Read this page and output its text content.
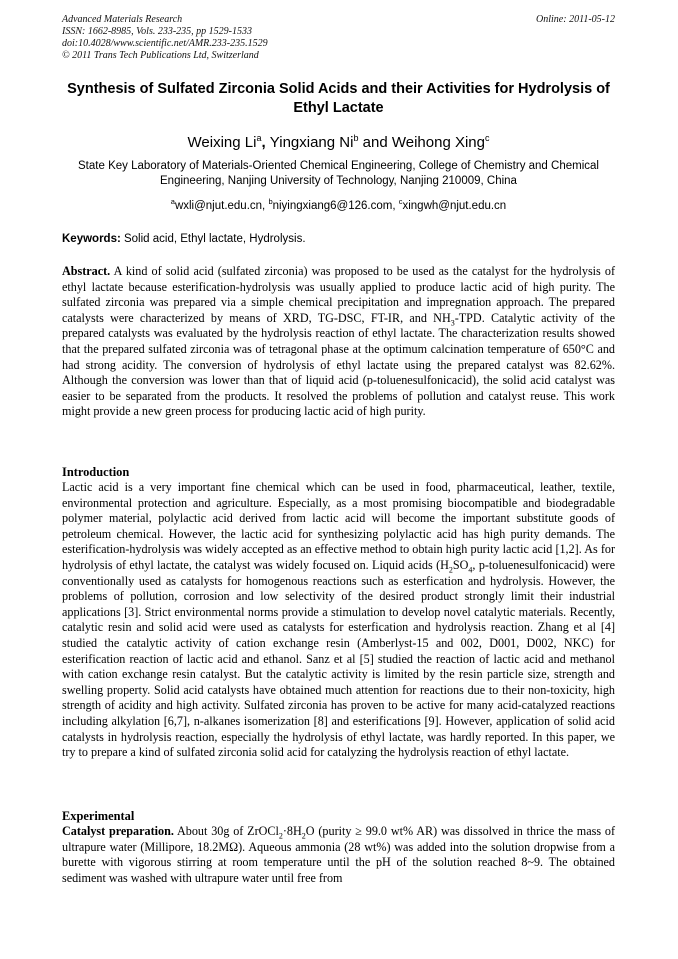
Advanced Materials Research
ISSN: 1662-8985, Vols. 233-235, pp 1529-1533
doi:10.4028/www.scientific.net/AMR.233-235.1529
© 2011 Trans Tech Publications Ltd, Switzerland
Online: 2011-05-12
Synthesis of Sulfated Zirconia Solid Acids and their Activities for Hydrolysis of Ethyl Lactate
Weixing Li$^a$, Yingxiang Ni$^b$ and Weihong Xing$^c$
State Key Laboratory of Materials-Oriented Chemical Engineering, College of Chemistry and Chemical Engineering, Nanjing University of Technology, Nanjing 210009, China
$^a$wxli@njut.edu.cn, $^b$niyingxiang6@126.com, $^c$xingwh@njut.edu.cn
Keywords: Solid acid, Ethyl lactate, Hydrolysis.
Abstract. A kind of solid acid (sulfated zirconia) was proposed to be used as the catalyst for the hydrolysis of ethyl lactate because esterification-hydrolysis was usually applied to produce lactic acid of high purity. The sulfated zirconia was prepared via a simple chemical precipitation and impregnation approach. The prepared catalysts were characterized by means of XRD, TG-DSC, FT-IR, and $NH_3$-TPD. Catalytic activity of the prepared catalysts was evaluated by the hydrolysis reaction of ethyl lactate. The characterization results showed that the prepared sulfated zirconia was of tetragonal phase at the optimum calcination temperature of 650°C and had strong acidity. The conversion of hydrolysis of ethyl lactate using the prepared catalyst was 82.62%. Although the conversion was lower than that of liquid acid (p-toluenesulfonicacid), the solid acid catalyst was easier to be separated from the products. It resolved the problems of pollution and catalyst reuse. This work might provide a new green process for producing lactic acid of high purity.
Introduction
Lactic acid is a very important fine chemical which can be used in food, pharmaceutical, leather, textile, environmental protection and agriculture. Especially, as a most promising biocompatible and biodegradable polymer material, polylactic acid derived from lactic acid will become the important substitute goods of petroleum chemical. However, the lactic acid for synthesizing polylactic acid has high purity demands. The esterification-hydrolysis was widely accepted as an effective method to obtain high purity lactic acid [1,2]. As for hydrolysis of ethyl lactate, the catalyst was widely focused on. Liquid acids ($H_2SO_4$, p-toluenesulfonicacid) were conventionally used as catalysts for homogenous reactions such as esterfication and hydrolysis. However, the problems of pollution, corrosion and low selectivity of the desired product strongly limit their industrial applications [3]. Strict environmental norms provide a stimulation to develop novel catalytic materials. Recently, catalytic resin and solid acid were used as catalysts for esterfication and hydrolysis reaction. Zhang et al [4] studied the catalytic activity of cation exchange resin (Amberlyst-15 and 002, D001, D002, NKC) for esterification reaction of lactic acid and ethanol. Sanz et al [5] studied the reaction of lactic acid and methanol with cation exchange resin catalyst. But the catalytic activity is limited by the resin particle size, strength and swelling property. Solid acid catalysts have obtained much attention for reactions due to their non-toxicity, high strength of acidity and high activity. Sulfated zirconia has proven to be active for many acid-catalyzed reactions including alkylation [6,7], n-alkanes isomerization [8] and esterifications [9]. However, application of solid acid catalysts in hydrolysis reaction, especially the hydrolysis of ethyl lactate, was hardly reported. In this paper, we try to prepare a kind of sulfated zirconia solid acid for catalyzing the hydrolysis reaction of ethyl lactate.
Experimental
Catalyst preparation. About 30g of $ZrOCl_2\cdot 8H_2O$ (purity ≥ 99.0 wt% AR) was dissolved in thrice the mass of ultrapure water (Millipore, 18.2MΩ). Aqueous ammonia (28 wt%) was added into the solution dropwise from a burette with vigorous stirring at room temperature until the pH of the solution reached 8~9. The obtained sediment was washed with ultrapure water until free from
